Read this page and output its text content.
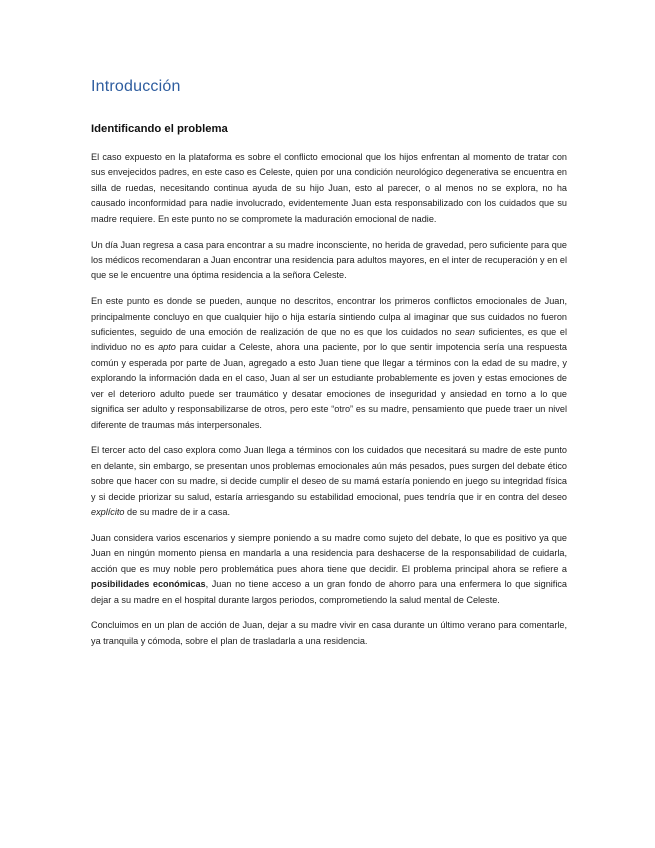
Introducción
Identificando el problema

El caso expuesto en la plataforma es sobre el conflicto emocional que los hijos enfrentan al momento de tratar con sus envejecidos padres, en este caso es Celeste, quien por una condición neurológico degenerativa se encuentra en silla de ruedas, necesitando continua ayuda de su hijo Juan, esto al parecer, o al menos no se explora, no ha causado inconformidad para nadie involucrado, evidentemente Juan esta responsabilizado con los cuidados que su madre requiere. En este punto no se compromete la maduración emocional de nadie.

Un día Juan regresa a casa para encontrar a su madre inconsciente, no herida de gravedad, pero suficiente para que los médicos recomendaran a Juan encontrar una residencia para adultos mayores, en el inter de recuperación y en el que se le encuentre una óptima residencia a la señora Celeste.

En este punto es donde se pueden, aunque no descritos, encontrar los primeros conflictos emocionales de Juan, principalmente concluyo en que cualquier hijo o hija estaría sintiendo culpa al imaginar que sus cuidados no fueron suficientes, seguido de una emoción de realización de que no es que los cuidados no sean suficientes, es que el individuo no es apto para cuidar a Celeste, ahora una paciente, por lo que sentir impotencia sería una respuesta común y esperada por parte de Juan, agregado a esto Juan tiene que llegar a términos con la edad de su madre, y explorando la información dada en el caso, Juan al ser un estudiante probablemente es joven y estas emociones de ver el deterioro adulto puede ser traumático y desatar emociones de inseguridad y ansiedad en torno a lo que significa ser adulto y responsabilizarse de otros, pero este “otro” es su madre, pensamiento que puede traer un nivel diferente de traumas más interpersonales.

El tercer acto del caso explora como Juan llega a términos con los cuidados que necesitará su madre de este punto en delante, sin embargo, se presentan unos problemas emocionales aún más pesados, pues surgen del debate ético sobre que hacer con su madre, si decide cumplir el deseo de su mamá estaría poniendo en juego su integridad física y si decide priorizar su salud, estaría arriesgando su estabilidad emocional, pues tendría que ir en contra del deseo explícito de su madre de ir a casa.

Juan considera varios escenarios y siempre poniendo a su madre como sujeto del debate, lo que es positivo ya que Juan en ningún momento piensa en mandarla a una residencia para deshacerse de la responsabilidad de cuidarla, acción que es muy noble pero problemática pues ahora tiene que decidir. El problema principal ahora se refiere a posibilidades económicas, Juan no tiene acceso a un gran fondo de ahorro para una enfermera lo que significa dejar a su madre en el hospital durante largos periodos, comprometiendo la salud mental de Celeste.

Concluimos en un plan de acción de Juan, dejar a su madre vivir en casa durante un último verano para comentarle, ya tranquila y cómoda, sobre el plan de trasladarla a una residencia.
